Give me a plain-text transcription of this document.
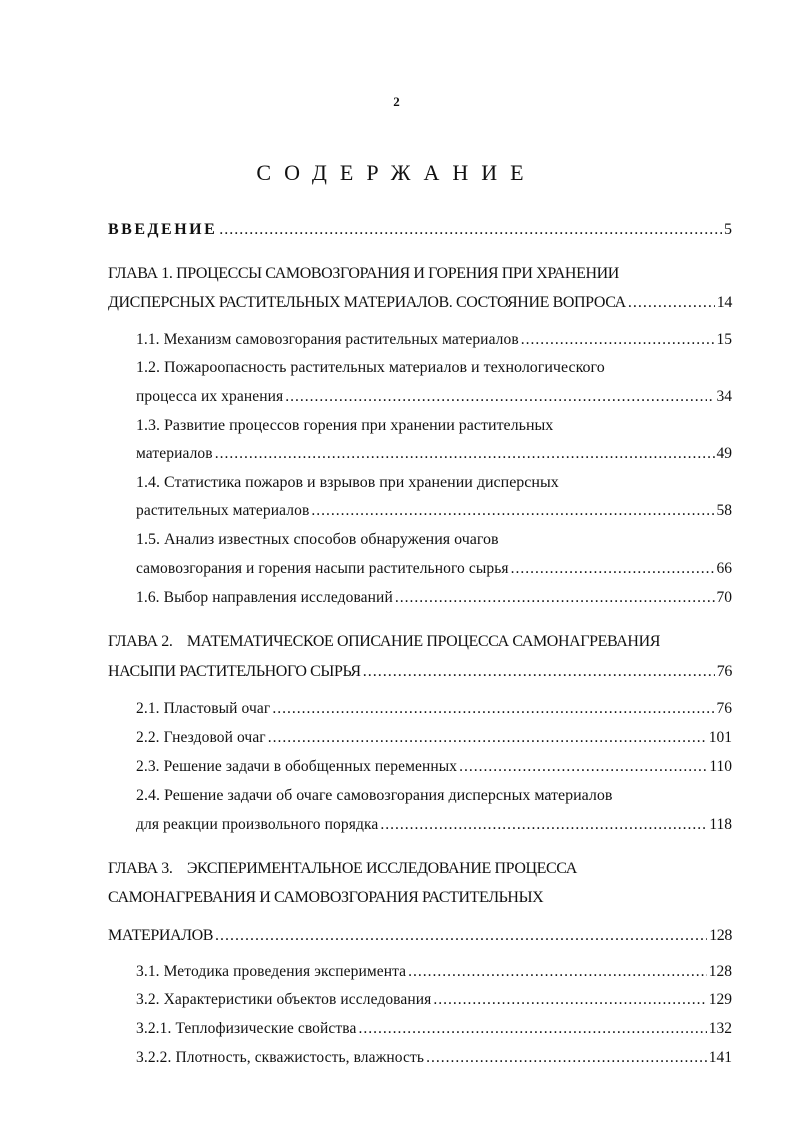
2
СОДЕРЖАНИЕ
ВВЕДЕНИЕ .....	5
ГЛАВА 1. ПРОЦЕССЫ САМОВОЗГОРАНИЯ И ГОРЕНИЯ ПРИ ХРАНЕНИИ
ДИСПЕРСНЫХ РАСТИТЕЛЬНЫХ МАТЕРИАЛОВ. СОСТОЯНИЕ ВОПРОСА .....	14
1.1. Механизм самовозгорания растительных материалов .....	15
1.2. Пожароопасность растительных материалов и технологического
процесса их хранения .....	. 34
1.3. Развитие процессов горения при хранении растительных
материалов .....	49
1.4. Статистика пожаров и взрывов при хранении дисперсных
растительных материалов .....	58
1.5. Анализ известных способов обнаружения очагов
самовозгорания и горения насыпи растительного сырья .....	66
1.6. Выбор направления исследований .....	70
ГЛАВА 2.    МАТЕМАТИЧЕСКОЕ ОПИСАНИЕ ПРОЦЕССА САМОНАГРЕВАНИЯ
НАСЫПИ РАСТИТЕЛЬНОГО СЫРЬЯ .....	76
2.1. Пластовый очаг .....	76
2.2. Гнездовой очаг .....	101
2.3. Решение задачи в обобщенных переменных .....	110
2.4. Решение задачи об очаге самовозгорания дисперсных материалов
для реакции произвольного порядка .....	118
ГЛАВА 3.    ЭКСПЕРИМЕНТАЛЬНОЕ ИССЛЕДОВАНИЕ ПРОЦЕССА
САМОНАГРЕВАНИЯ И САМОВОЗГОРАНИЯ РАСТИТЕЛЬНЫХ
МАТЕРИАЛОВ .....	128
3.1. Методика проведения эксперимента .....	128
3.2. Характеристики объектов исследования .....	129
3.2.1. Теплофизические свойства .....	132
3.2.2. Плотность, скважистость, влажность .....	141
